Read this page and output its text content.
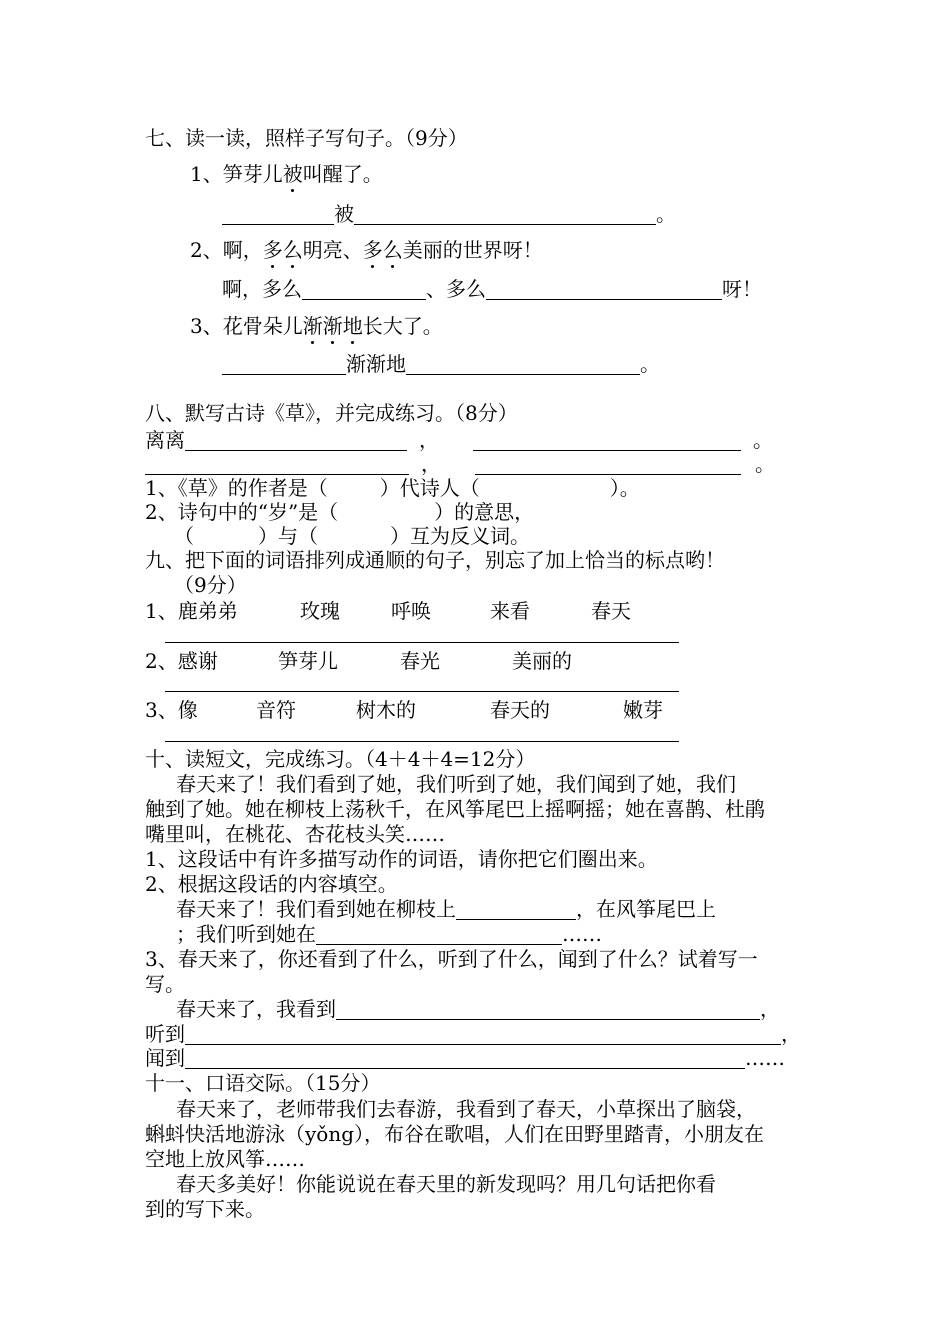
七、读一读，照样子写句子。（9分）
1、笋芽儿被叫醒了。
被	。
2、啊，多么明亮、多么美丽的世界呀！
啊，多么	、多么	呀！
3、花骨朵儿渐渐地长大了。
渐渐地	。
八、默写古诗《草》，并完成练习。（8分）
离离	，	。
，	。
1、《草》的作者是（	）代诗人（	）。
2、诗句中的“岁”是（	）的意思，
（	）与（	）互为反义词。
九、把下面的词语排列成通顺的句子，别忘了加上恰当的标点哟！
（9分）
1、鹿弟弟	玫瑰	呼唤	来看	春天
2、感谢	笋芽儿	春光	美丽的
3、像	音符	树木的	春天的	嫩芽
十、读短文，完成练习。（4＋4＋4=12分）
春天来了！我们看到了她，我们听到了她，我们闻到了她，我们
触到了她。她在柳枝上荡秋千，在风筝尾巴上摇啊摇；她在喜鹊、杜鹃
嘴里叫，在桃花、杏花枝头笑……
1、这段话中有许多描写动作的词语，请你把它们圈出来。
2、根据这段话的内容填空。
春天来了！我们看到她在柳枝上	，在风筝尾巴上
；我们听到她在	……
3、春天来了，你还看到了什么，听到了什么，闻到了什么？试着写一
写。
春天来了，我看到	，
听到	，
闻到	……
十一、口语交际。（15分）
春天来了，老师带我们去春游，我看到了春天，小草探出了脑袋，
蝌蚪快活地游泳（yǒng），布谷在歌唱，人们在田野里踏青，小朋友在
空地上放风筝……
春天多美好！你能说说在春天里的新发现吗？用几句话把你看
到的写下来。
